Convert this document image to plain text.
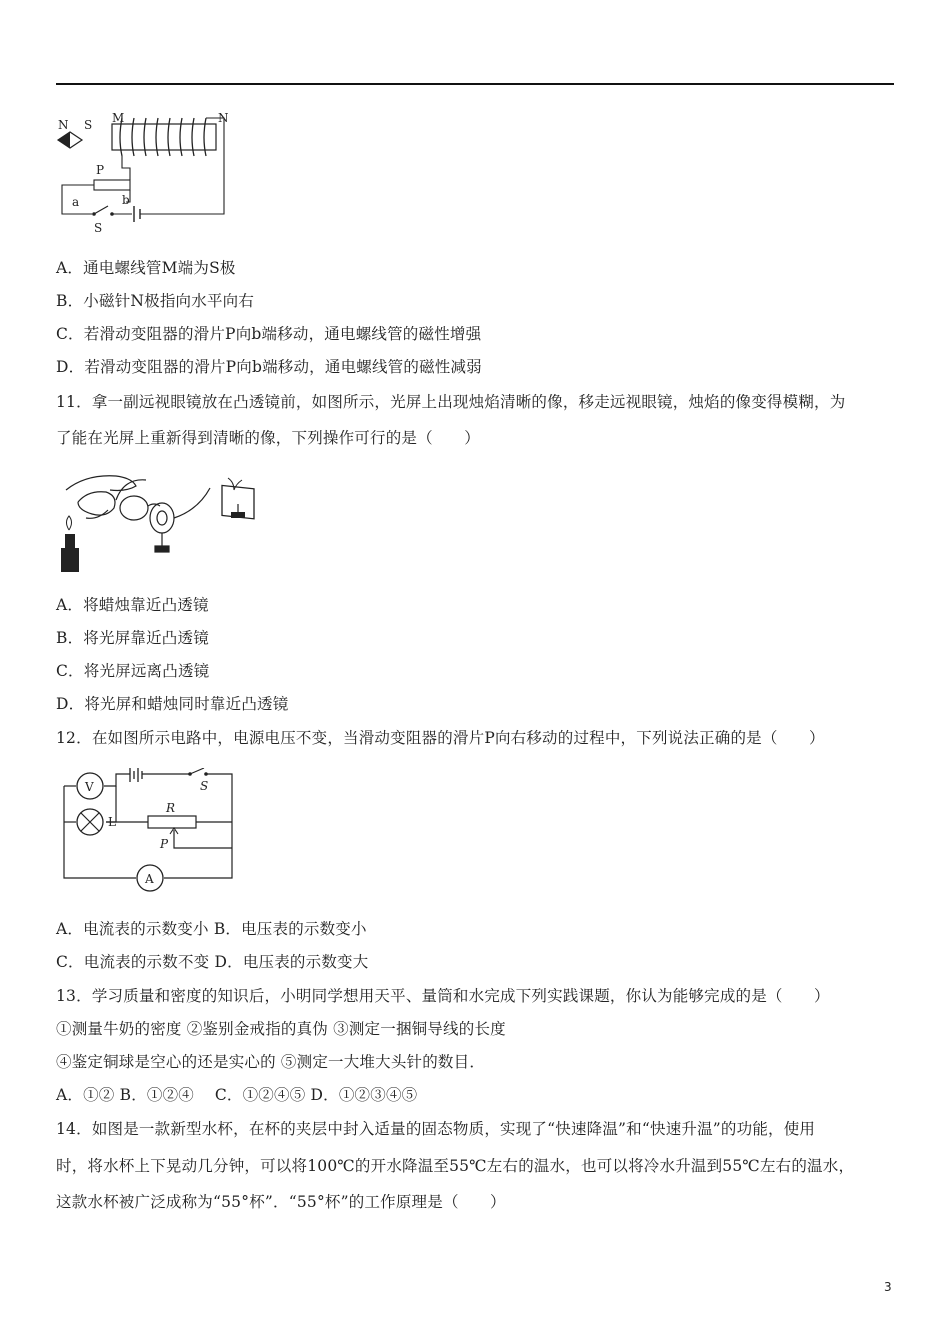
N S M	N
P
a	b
S
A．通电螺线管M端为S极
B．小磁针N极指向水平向右
C．若滑动变阻器的滑片P向b端移动，通电螺线管的磁性增强
D．若滑动变阻器的滑片P向b端移动，通电螺线管的磁性减弱
11．拿一副远视眼镜放在凸透镜前，如图所示，光屏上出现烛焰清晰的像，移走远视眼镜，烛焰的像变得模糊，为
了能在光屏上重新得到清晰的像，下列操作可行的是（　　）
A．将蜡烛靠近凸透镜
B．将光屏靠近凸透镜
C．将光屏远离凸透镜
D．将光屏和蜡烛同时靠近凸透镜
12．在如图所示电路中，电源电压不变，当滑动变阻器的滑片P向右移动的过程中，下列说法正确的是（　　）
V	S
L
R
P
A
A．电流表的示数变小 B．电压表的示数变小
C．电流表的示数不变 D．电压表的示数变大
13．学习质量和密度的知识后，小明同学想用天平、量筒和水完成下列实践课题，你认为能够完成的是（　　）
①测量牛奶的密度 ②鉴别金戒指的真伪 ③测定一捆铜导线的长度
④鉴定铜球是空心的还是实心的 ⑤测定一大堆大头针的数目．
A．①② B．①②④　 C．①②④⑤ D．①②③④⑤
14．如图是一款新型水杯，在杯的夹层中封入适量的固态物质，实现了“快速降温”和“快速升温”的功能，使用
时，将水杯上下晃动几分钟，可以将100℃的开水降温至55℃左右的温水，也可以将冷水升温到55℃左右的温水，
这款水杯被广泛成称为“55°杯”．“55°杯”的工作原理是（　　）
3
